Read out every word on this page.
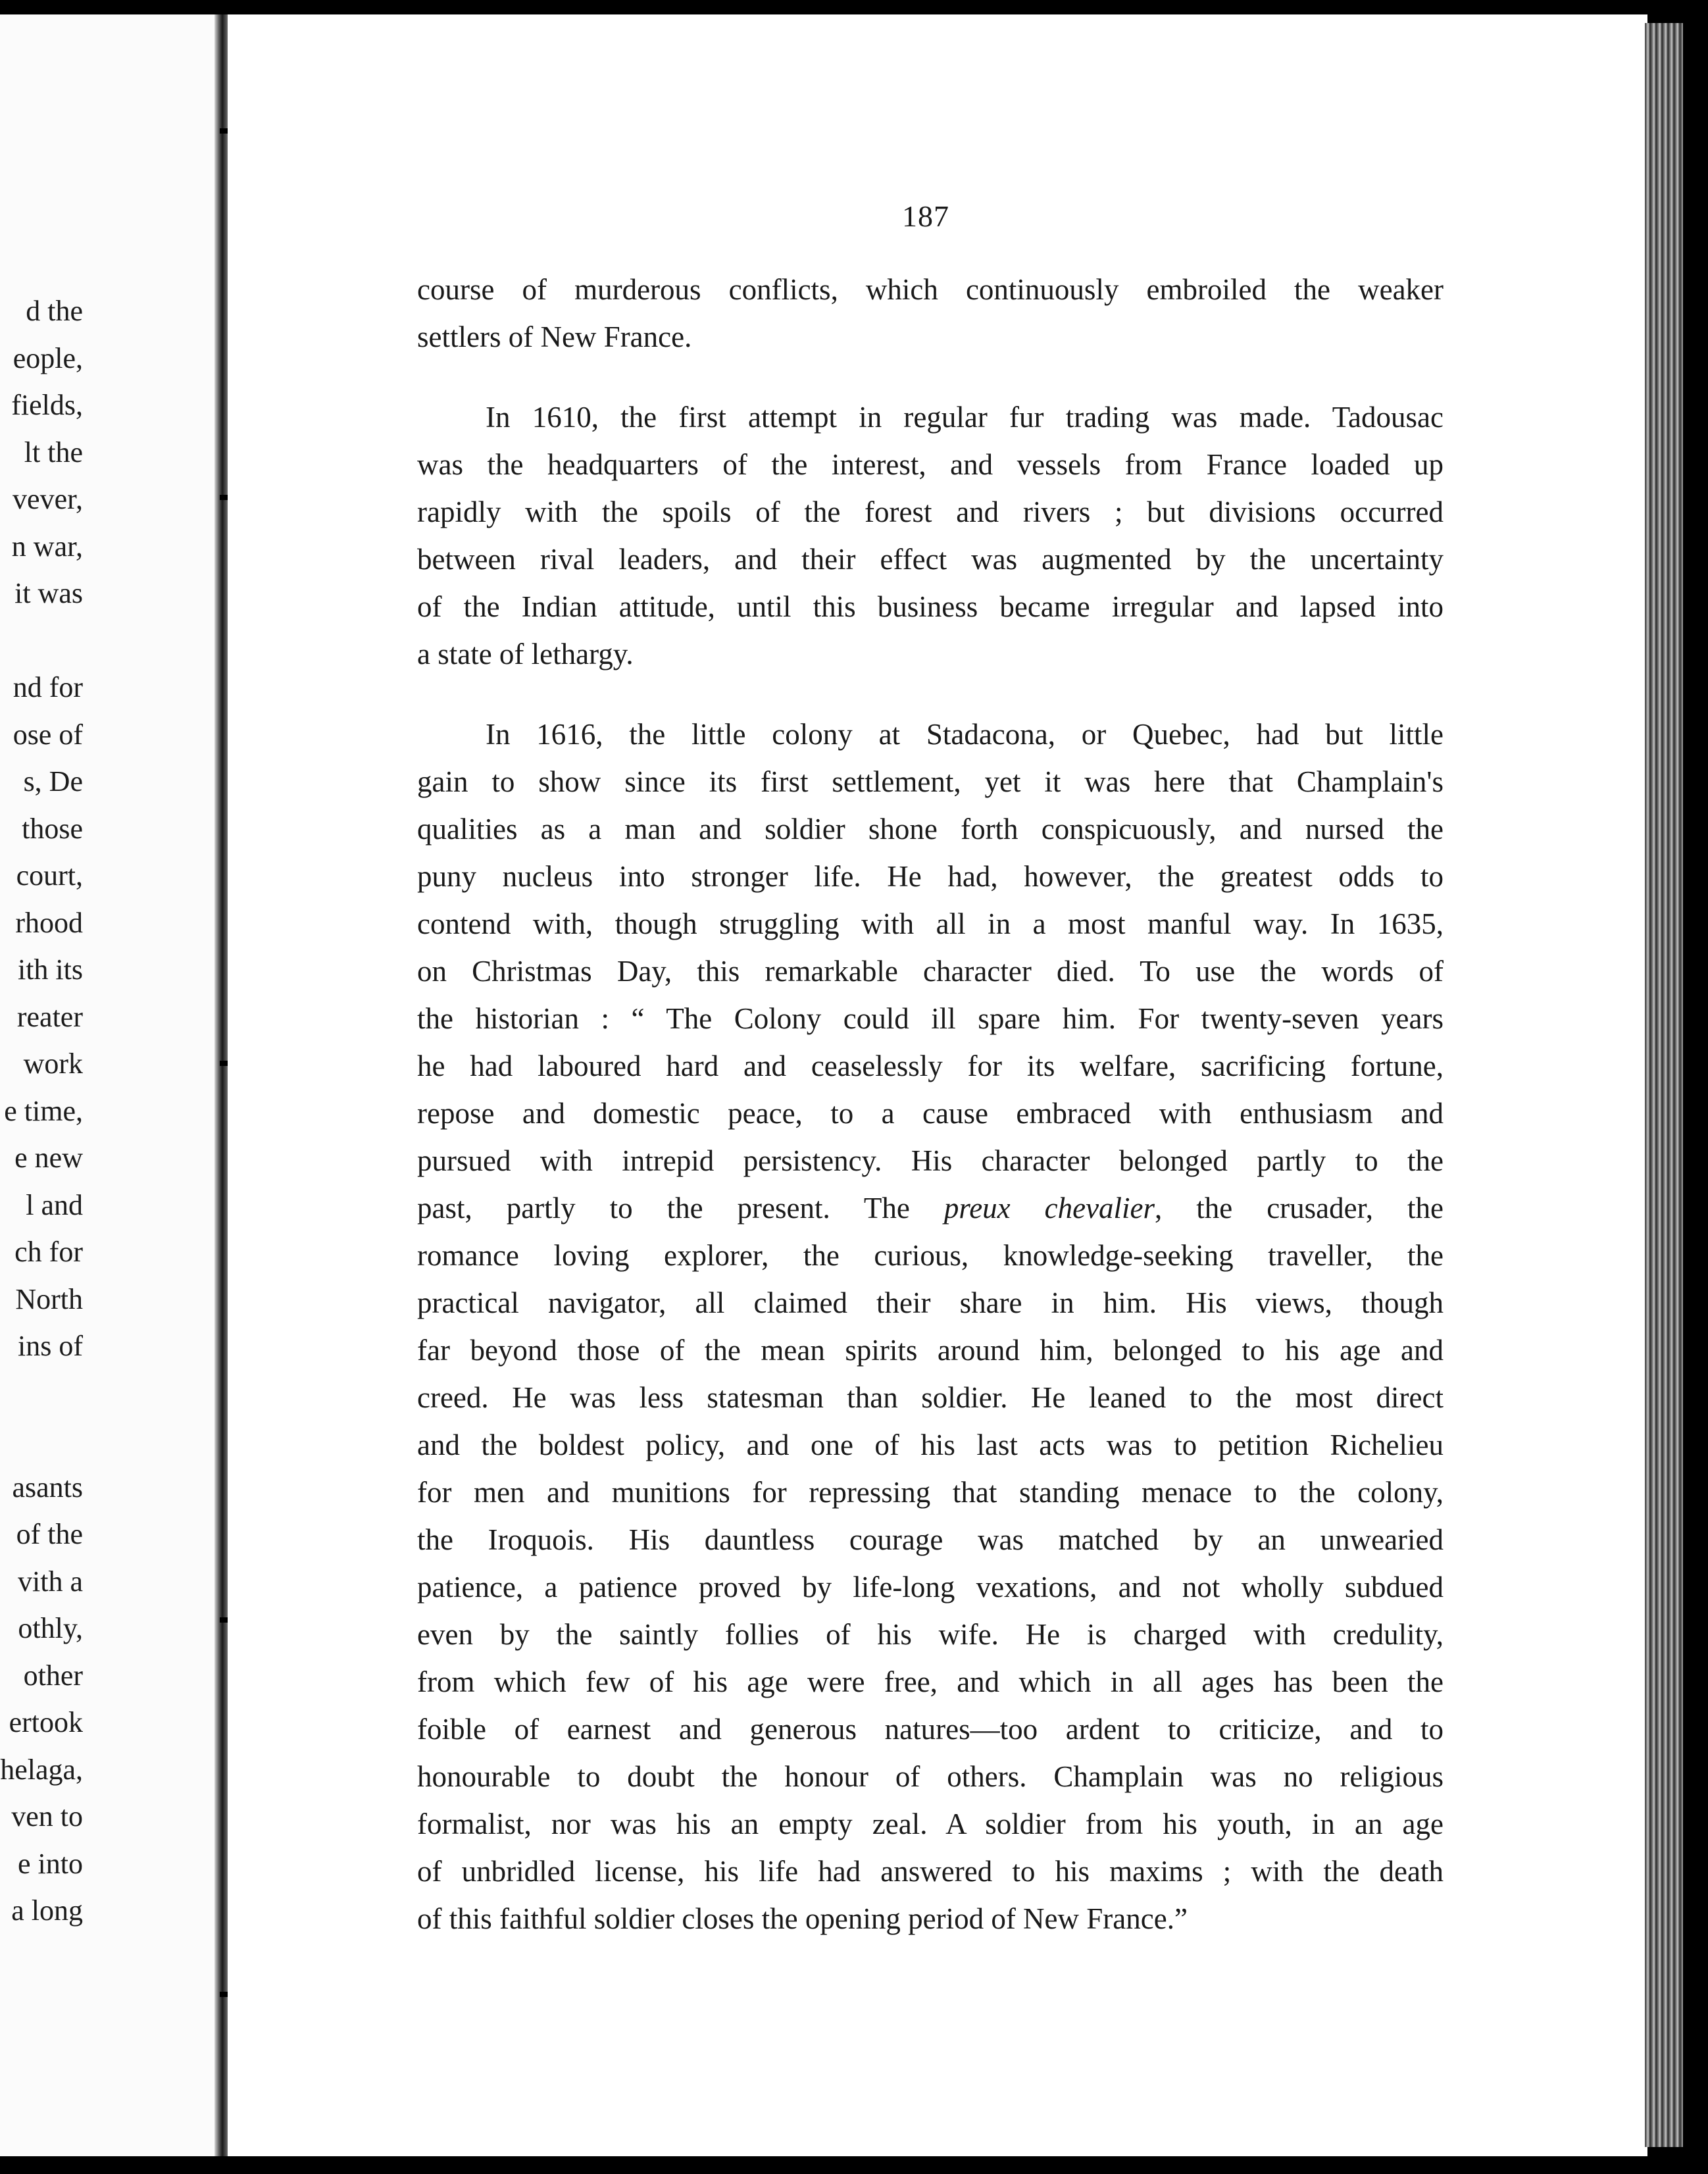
d the
eople,
fields,
lt the
vever,
n war,
it was
nd for
ose of
s, De
those
court,
rhood
ith its
reater
work
e time,
e new
l and
ch for
North
ins of
asants
of the
vith a
othly,
other
ertook
helaga,
ven to
e into
a long
187
course of murderous conflicts, which continuously embroiled the weaker
settlers of New France.
In 1610, the first attempt in regular fur trading was made. Tadousac
was the headquarters of the interest, and vessels from France loaded up
rapidly with the spoils of the forest and rivers ; but divisions occurred
between rival leaders, and their effect was augmented by the uncertainty
of the Indian attitude, until this business became irregular and lapsed into
a state of lethargy.
In 1616, the little colony at Stadacona, or Quebec, had but little
gain to show since its first settlement, yet it was here that Champlain's
qualities as a man and soldier shone forth conspicuously, and nursed the
puny nucleus into stronger life. He had, however, the greatest odds to
contend with, though struggling with all in a most manful way. In 1635,
on Christmas Day, this remarkable character died. To use the words of
the historian : “ The Colony could ill spare him. For twenty-seven years
he had laboured hard and ceaselessly for its welfare, sacrificing fortune,
repose and domestic peace, to a cause embraced with enthusiasm and
pursued with intrepid persistency. His character belonged partly to the
past, partly to the present. The preux chevalier, the crusader, the
romance loving explorer, the curious, knowledge-seeking traveller, the
practical navigator, all claimed their share in him. His views, though
far beyond those of the mean spirits around him, belonged to his age and
creed. He was less statesman than soldier. He leaned to the most direct
and the boldest policy, and one of his last acts was to petition Richelieu
for men and munitions for repressing that standing menace to the colony,
the Iroquois. His dauntless courage was matched by an unwearied
patience, a patience proved by life-long vexations, and not wholly subdued
even by the saintly follies of his wife. He is charged with credulity,
from which few of his age were free, and which in all ages has been the
foible of earnest and generous natures—too ardent to criticize, and to
honourable to doubt the honour of others. Champlain was no religious
formalist, nor was his an empty zeal. A soldier from his youth, in an age
of unbridled license, his life had answered to his maxims ; with the death
of this faithful soldier closes the opening period of New France.”
